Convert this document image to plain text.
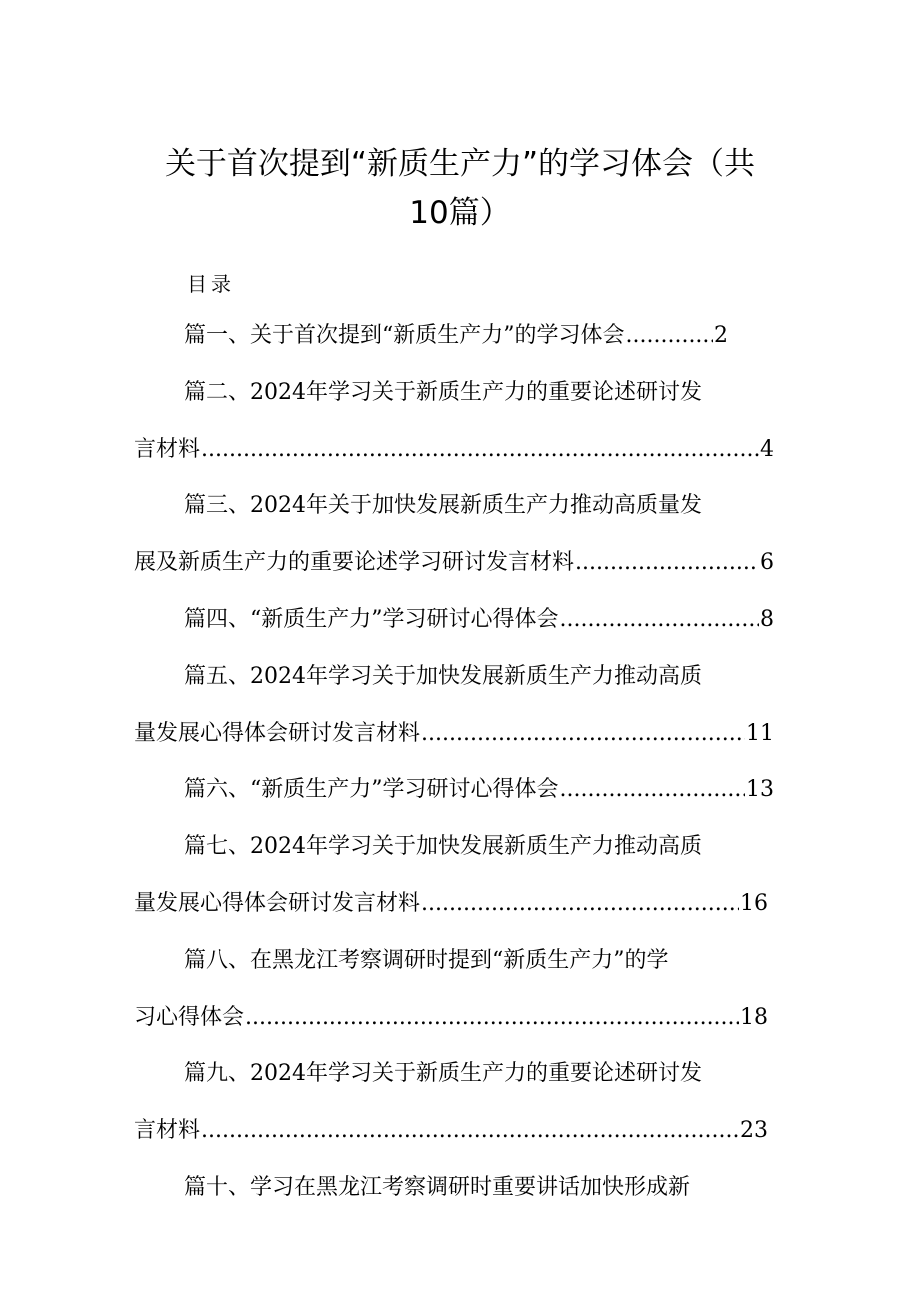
关于首次提到“新质生产力”的学习体会（共
10篇）
目录
篇一、关于首次提到“新质生产力”的学习体会 .....	2
篇二、2024年学习关于新质生产力的重要论述研讨发
言材料 .....	4
篇三、2024年关于加快发展新质生产力推动高质量发
展及新质生产力的重要论述学习研讨发言材料 .....	6
篇四、“新质生产力”学习研讨心得体会 .....	8
篇五、2024年学习关于加快发展新质生产力推动高质
量发展心得体会研讨发言材料 .....	11
篇六、“新质生产力”学习研讨心得体会 .....	13
篇七、2024年学习关于加快发展新质生产力推动高质
量发展心得体会研讨发言材料 .....	16
篇八、在黑龙江考察调研时提到“新质生产力”的学
习心得体会 .....	18
篇九、2024年学习关于新质生产力的重要论述研讨发
言材料 .....	23
篇十、学习在黑龙江考察调研时重要讲话加快形成新
